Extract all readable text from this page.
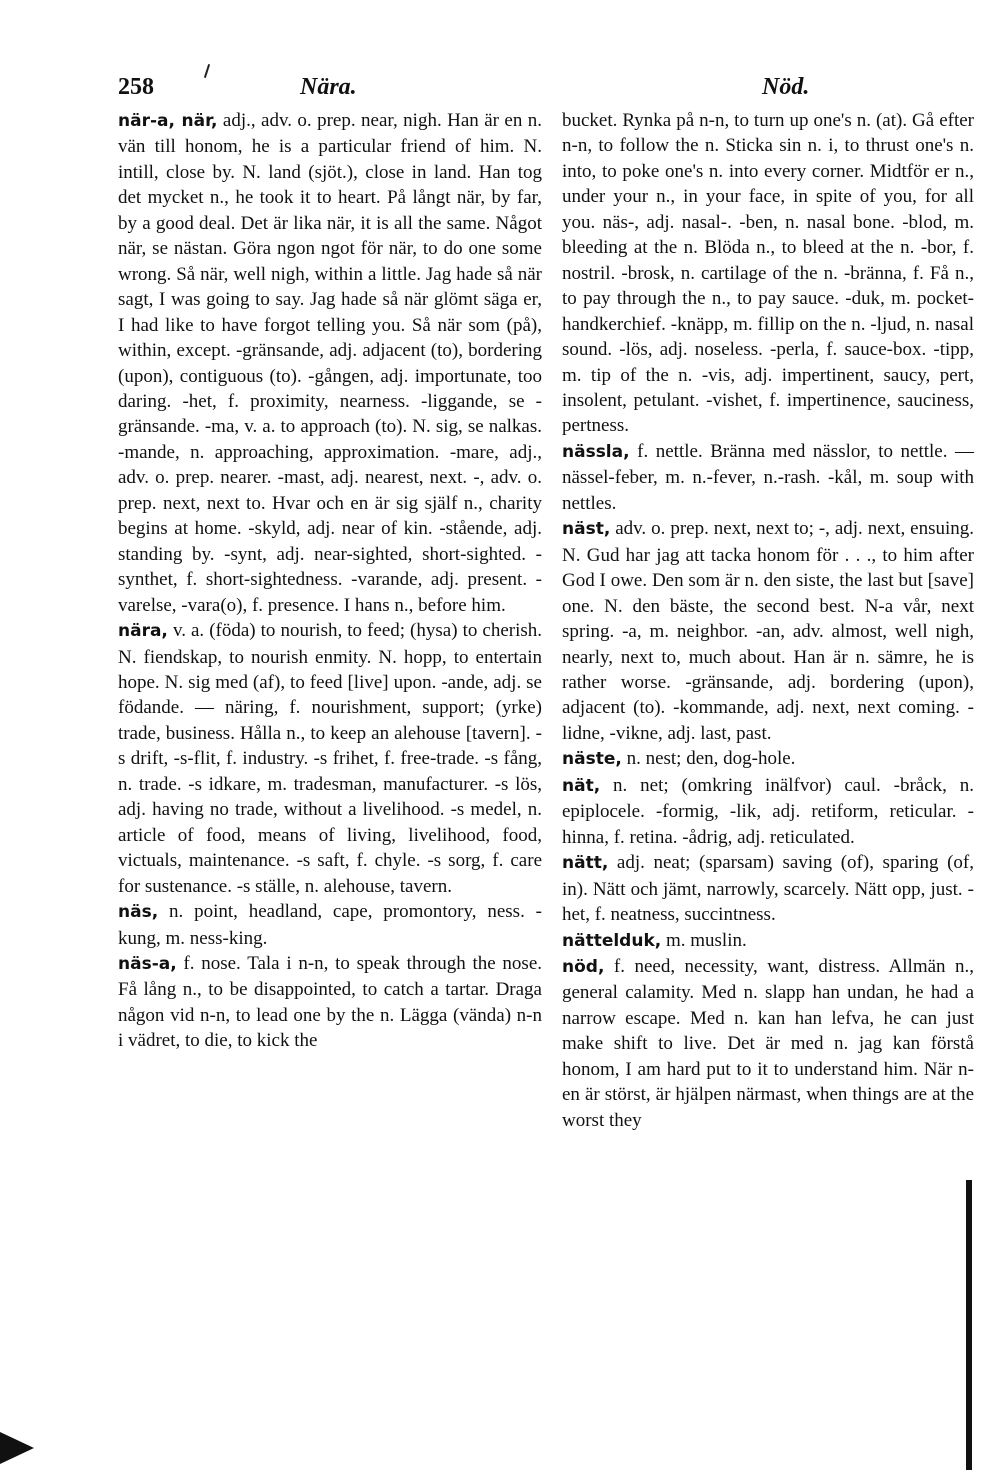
258	Nära.	Nöd.

när-a, när, adj., adv. o. prep. near, nigh. Han är en n. vän till honom, he is a particular friend of him. N. intill, close by. N. land (sjöt.), close in land. Han tog det mycket n., he took it to heart. På långt när, by far, by a good deal. Det är lika när, it is all the same. Något när, se nästan. Göra ngon ngot för när, to do one some wrong. Så när, well nigh, within a little. Jag hade så när sagt, I was going to say. Jag hade så när glömt säga er, I had like to have forgot telling you. Så när som (på), within, except. -gränsande, adj. adjacent (to), bordering (upon), contiguous (to). -gången, adj. importunate, too daring. -het, f. proximity, nearness. -liggande, se -gränsande. -ma, v. a. to approach (to). N. sig, se nalkas. -mande, n. approaching, approximation. -mare, adj., adv. o. prep. nearer. -mast, adj. nearest, next. -, adv. o. prep. next, next to. Hvar och en är sig själf n., charity begins at home. -skyld, adj. near of kin. -stående, adj. standing by. -synt, adj. near-sighted, short-sighted. -synthet, f. short-sightedness. -varande, adj. present. -varelse, -vara(o), f. presence. I hans n., before him.

nära, v. a. (föda) to nourish, to feed; (hysa) to cherish. N. fiendskap, to nourish enmity. N. hopp, to entertain hope. N. sig med (af), to feed [live] upon. -ande, adj. se födande. — näring, f. nourishment, support; (yrke) trade, business. Hålla n., to keep an alehouse [tavern]. -s drift, -s-flit, f. industry. -s frihet, f. free-trade. -s fång, n. trade. -s idkare, m. tradesman, manufacturer. -s lös, adj. having no trade, without a livelihood. -s medel, n. article of food, means of living, livelihood, food, victuals, maintenance. -s saft, f. chyle. -s sorg, f. care for sustenance. -s ställe, n. alehouse, tavern.

näs, n. point, headland, cape, promontory, ness. -kung, m. ness-king.

näs-a, f. nose. Tala i n-n, to speak through the nose. Få lång n., to be disappointed, to catch a tartar. Draga någon vid n-n, to lead one by the n. Lägga (vända) n-n i vädret, to die, to kick the

bucket. Rynka på n-n, to turn up one's n. (at). Gå efter n-n, to follow the n. Sticka sin n. i, to thrust one's n. into, to poke one's n. into every corner. Midtför er n., under your n., in your face, in spite of you, for all you. näs-, adj. nasal-. -ben, n. nasal bone. -blod, m. bleeding at the n. Blöda n., to bleed at the n. -bor, f. nostril. -brosk, n. cartilage of the n. -bränna, f. Få n., to pay through the n., to pay sauce. -duk, m. pocket-handkerchief. -knäpp, m. fillip on the n. -ljud, n. nasal sound. -lös, adj. noseless. -perla, f. sauce-box. -tipp, m. tip of the n. -vis, adj. impertinent, saucy, pert, insolent, petulant. -vishet, f. impertinence, sauciness, pertness.

nässla, f. nettle. Bränna med nässlor, to nettle. — nässel-feber, m. n.-fever, n.-rash. -kål, m. soup with nettles.

näst, adv. o. prep. next, next to; -, adj. next, ensuing. N. Gud har jag att tacka honom för . . ., to him after God I owe. Den som är n. den siste, the last but [save] one. N. den bäste, the second best. N-a vår, next spring. -a, m. neighbor. -an, adv. almost, well nigh, nearly, next to, much about. Han är n. sämre, he is rather worse. -gränsande, adj. bordering (upon), adjacent (to). -kommande, adj. next, next coming. -lidne, -vikne, adj. last, past.

näste, n. nest; den, dog-hole.

nät, n. net; (omkring inälfvor) caul. -bråck, n. epiplocele. -formig, -lik, adj. retiform, reticular. -hinna, f. retina. -ådrig, adj. reticulated.

nätt, adj. neat; (sparsam) saving (of), sparing (of, in). Nätt och jämt, narrowly, scarcely. Nätt opp, just. -het, f. neatness, succintness.

nättelduk, m. muslin.

nöd, f. need, necessity, want, distress. Allmän n., general calamity. Med n. slapp han undan, he had a narrow escape. Med n. kan han lefva, he can just make shift to live. Det är med n. jag kan förstå honom, I am hard put to it to understand him. När n-en är störst, är hjälpen närmast, when things are at the worst they
